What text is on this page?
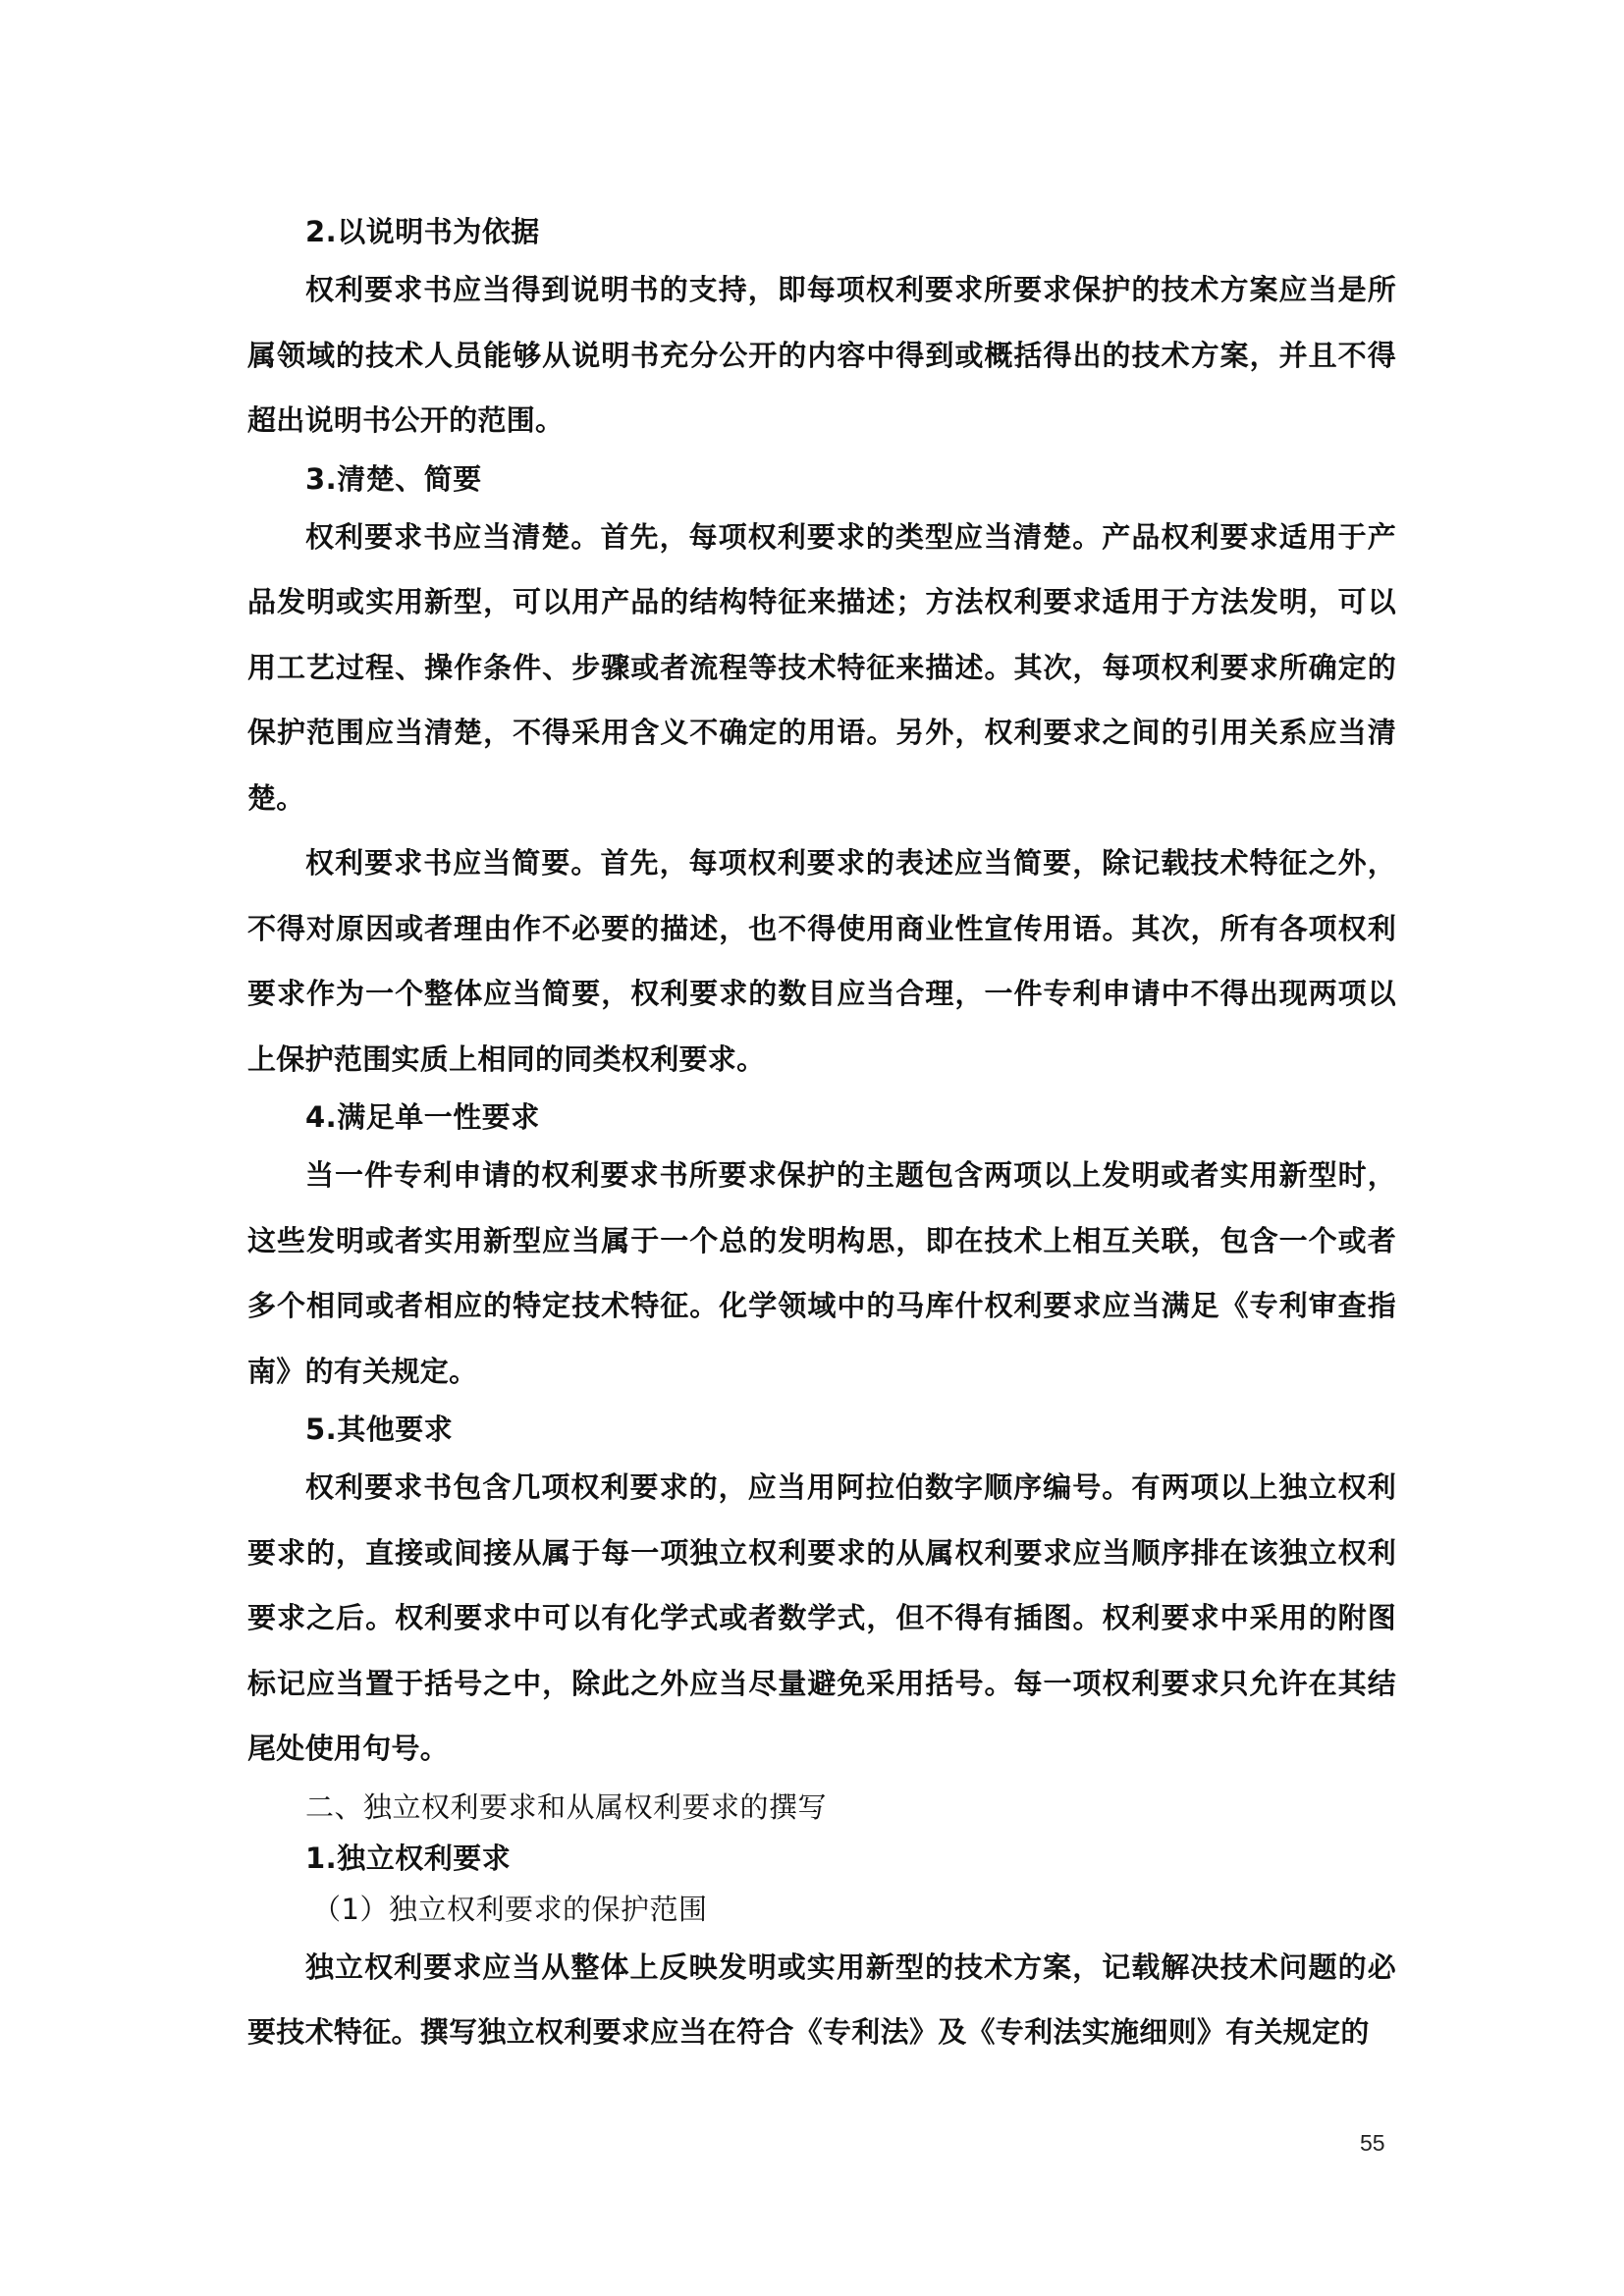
2.以说明书为依据

权利要求书应当得到说明书的支持，即每项权利要求所要求保护的技术方案应当是所属领域的技术人员能够从说明书充分公开的内容中得到或概括得出的技术方案，并且不得超出说明书公开的范围。

3.清楚、简要

权利要求书应当清楚。首先，每项权利要求的类型应当清楚。产品权利要求适用于产品发明或实用新型，可以用产品的结构特征来描述；方法权利要求适用于方法发明，可以用工艺过程、操作条件、步骤或者流程等技术特征来描述。其次，每项权利要求所确定的保护范围应当清楚，不得采用含义不确定的用语。另外，权利要求之间的引用关系应当清楚。

权利要求书应当简要。首先，每项权利要求的表述应当简要，除记载技术特征之外，不得对原因或者理由作不必要的描述，也不得使用商业性宣传用语。其次，所有各项权利要求作为一个整体应当简要，权利要求的数目应当合理，一件专利申请中不得出现两项以上保护范围实质上相同的同类权利要求。

4.满足单一性要求

当一件专利申请的权利要求书所要求保护的主题包含两项以上发明或者实用新型时，这些发明或者实用新型应当属于一个总的发明构思，即在技术上相互关联，包含一个或者多个相同或者相应的特定技术特征。化学领域中的马库什权利要求应当满足《专利审查指南》的有关规定。

5.其他要求

权利要求书包含几项权利要求的，应当用阿拉伯数字顺序编号。有两项以上独立权利要求的，直接或间接从属于每一项独立权利要求的从属权利要求应当顺序排在该独立权利要求之后。权利要求中可以有化学式或者数学式，但不得有插图。权利要求中采用的附图标记应当置于括号之中，除此之外应当尽量避免采用括号。每一项权利要求只允许在其结尾处使用句号。

二、独立权利要求和从属权利要求的撰写

1.独立权利要求

（1）独立权利要求的保护范围

独立权利要求应当从整体上反映发明或实用新型的技术方案，记载解决技术问题的必要技术特征。撰写独立权利要求应当在符合《专利法》及《专利法实施细则》有关规定的

55
